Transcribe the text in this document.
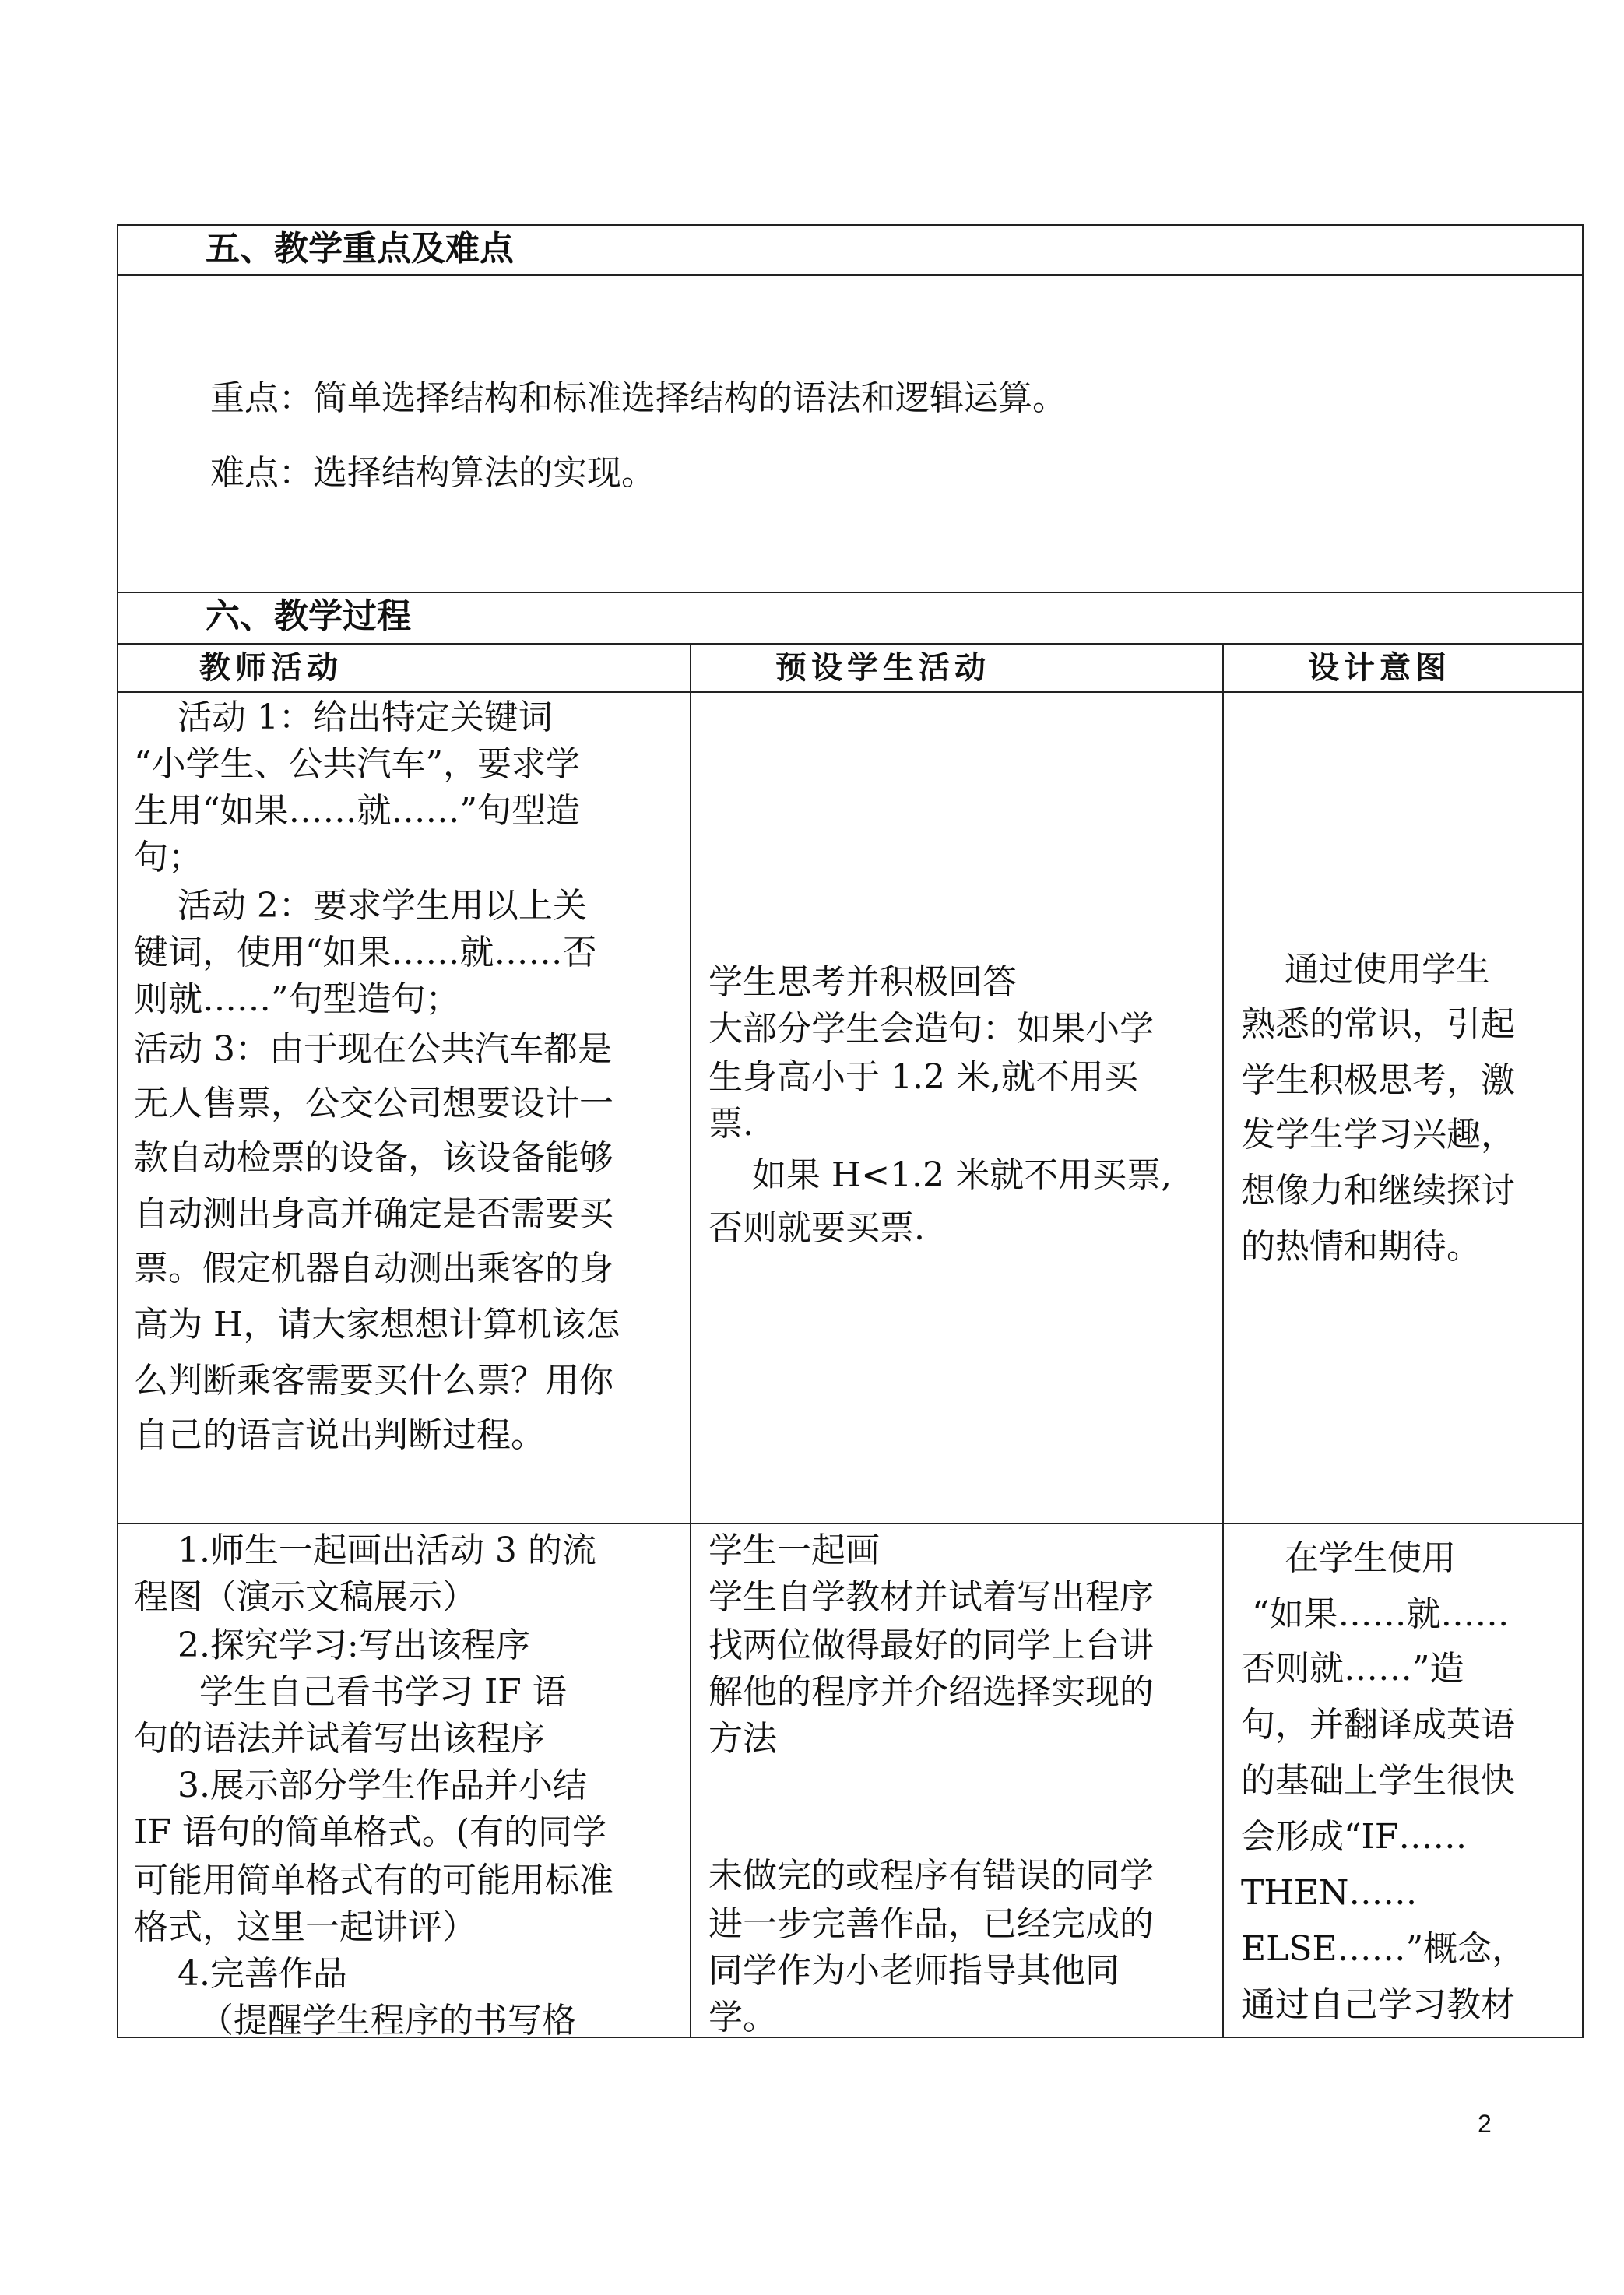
五、教学重点及难点
重点：简单选择结构和标准选择结构的语法和逻辑运算。
难点：选择结构算法的实现。
六、教学过程
教师活动	预设学生活动	设计意图
活动 1：给出特定关键词
“小学生、公共汽车”，要求学
生用“如果……就……”句型造
句；
活动 2：要求学生用以上关
键词，使用“如果……就……否
则就……”句型造句；
活动 3：由于现在公共汽车都是
无人售票，公交公司想要设计一
款自动检票的设备，该设备能够
自动测出身高并确定是否需要买
票。假定机器自动测出乘客的身
高为 H，请大家想想计算机该怎
么判断乘客需要买什么票？用你
自己的语言说出判断过程。
学生思考并积极回答
大部分学生会造句：如果小学
生身高小于 1.2 米,就不用买
票.
如果 H<1.2 米就不用买票,
否则就要买票.
通过使用学生
熟悉的常识，引起
学生积极思考，激
发学生学习兴趣，
想像力和继续探讨
的热情和期待。
1.师生一起画出活动 3 的流
程图（演示文稿展示）
2.探究学习:写出该程序
学生自己看书学习 IF 语
句的语法并试着写出该程序
3.展示部分学生作品并小结
IF 语句的简单格式。(有的同学
可能用简单格式有的可能用标准
格式，这里一起讲评）
4.完善作品
（提醒学生程序的书写格
学生一起画
学生自学教材并试着写出程序
找两位做得最好的同学上台讲
解他的程序并介绍选择实现的
方法
未做完的或程序有错误的同学
进一步完善作品，已经完成的
同学作为小老师指导其他同
学。
在学生使用
“如果……就……
否则就……”造
句，并翻译成英语
的基础上学生很快
会形成“IF……
THEN……
ELSE……”概念，
通过自己学习教材
2
